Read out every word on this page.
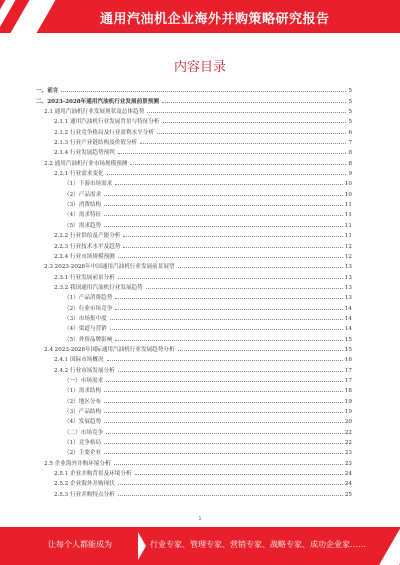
通用汽油机企业海外并购策略研究报告
内容目录
一、前言	5
二、2023-2028年通用汽油机行业发展前景预测	5
2.1 通用汽油机行业发展现状及总体趋势	5
2.1.1 通用汽油机行业发展背景与特征分析	5
2.1.2 行业竞争格局及行业盈利水平分析	6
2.1.3 行业产业链结构及价值分析	7
2.1.4 行业发展趋势预判	8
2.2 通用汽油机行业市场规模预测	8
2.2.1 行业需求变化	9
（1）下游市场需求	10
（2）产品需求	10
（3）消费结构	11
（4）需求特征	11
（5）需求趋势	11
2.2.2 行业供给及产能分析	11
2.2.3 行业技术水平及趋势	12
2.2.4 行业市场规模预测	12
2.3 2023-2028年中国通用汽油机行业发展前景展望	13
2.3.1 行业发展前景分析	13
2.3.2 我国通用汽油机行业发展趋势	13
（1）产品消费趋势	13
（2）行业市场竞争	14
（3）市场集中度	14
（4）渠道与营销	14
（5）外资品牌影响	15
2.4 2023-2028年国际通用汽油机行业发展趋势分析	15
2.4.1 国际市场概况	16
2.4.2 行业市场发展分析	17
（一）市场需求	17
（1）需求结构	18
（2）地区分布	19
（3）产品结构	19
（4）发展趋势	20
（二）市场竞争	22
（1）竞争格局	22
（2）主要企业	23
2.5 企业海外并购环境分析	23
2.5.1 企业并购背景及环境分析	24
2.5.2 企业海外并购现状	24
2.5.3 行业并购特点分析	25
1
让每个人都能成为	行业专家、管理专家、营销专家、战略专家、成功企业家……
